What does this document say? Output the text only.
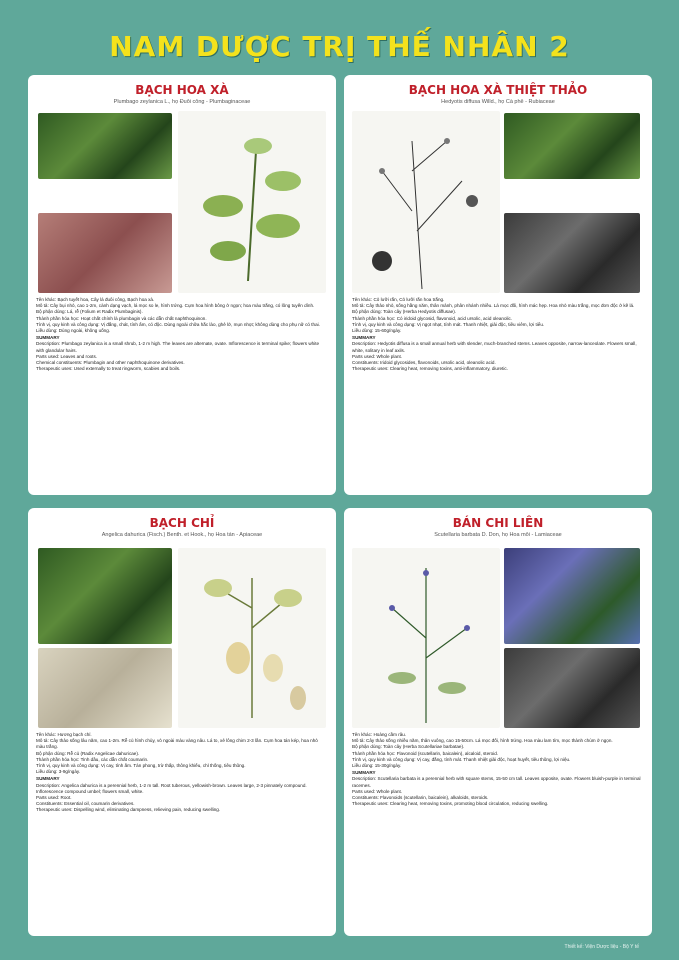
NAM DƯỢC TRỊ THẾ NHÂN 2
BẠCH HOA XÀ
Plumbago zeylanica L., họ Đuôi công - Plumbaginaceae
Tên khác: Bạch tuyết hoa, Cây lá đuôi công, Bạch hoa xà.
Mô tả: Cây bụi nhỏ, cao 1-2m, cành dạng vạch, lá mọc so le, hình trứng. Cụm hoa hình bông ở ngọn; hoa màu trắng, có lông tuyến dính.
Bộ phận dùng: Lá, rễ (Folium et Radix Plumbaginis).
Thành phần hóa học: Hoạt chất chính là plumbagin và các dẫn chất naphthoquinon.
Tính vị, quy kinh và công dụng: Vị đắng, chát, tính ấm, có độc. Dùng ngoài chữa hắc lào, ghẻ lở, mụn nhọt; không dùng cho phụ nữ có thai.
Liều dùng: Dùng ngoài, không uống.
SUMMARY
Description: Plumbago zeylanica is a small shrub, 1-2 m high. The leaves are alternate, ovate. Inflorescence is terminal spike; flowers white with glandular hairs.
Parts used: Leaves and roots.
Chemical constituents: Plumbagin and other naphthoquinone derivatives.
Therapeutic uses: Used externally to treat ringworm, scabies and boils.
BẠCH HOA XÀ THIỆT THẢO
Hedyotis diffusa Willd., họ Cà phê - Rubiaceae
Tên khác: Cỏ lưỡi rắn, Cỏ lưỡi rắn hoa trắng.
Mô tả: Cây thảo nhỏ, sống hằng năm, thân mảnh, phân nhánh nhiều. Lá mọc đối, hình mác hẹp. Hoa nhỏ màu trắng, mọc đơn độc ở kẽ lá.
Bộ phận dùng: Toàn cây (Herba Hedyotis diffusae).
Thành phần hóa học: Có iridoid glycosid, flavonoid, acid ursolic, acid oleanolic.
Tính vị, quy kinh và công dụng: Vị ngọt nhạt, tính mát. Thanh nhiệt, giải độc, tiêu viêm, lợi tiểu.
Liều dùng: 15-60g/ngày.
SUMMARY
Description: Hedyotis diffusa is a small annual herb with slender, much-branched stems. Leaves opposite, narrow-lanceolate. Flowers small, white, solitary in leaf axils.
Parts used: Whole plant.
Constituents: Iridoid glycosides, flavonoids, ursolic acid, oleanolic acid.
Therapeutic uses: Clearing heat, removing toxins, anti-inflammatory, diuretic.
BẠCH CHỈ
Angelica dahurica (Fisch.) Benth. et Hook., họ Hoa tán - Apiaceae
Tên khác: Hương bạch chỉ.
Mô tả: Cây thảo sống lâu năm, cao 1-2m. Rễ củ hình chùy, vỏ ngoài màu vàng nâu. Lá to, xẻ lông chim 2-3 lần. Cụm hoa tán kép, hoa nhỏ màu trắng.
Bộ phận dùng: Rễ củ (Radix Angelicae dahuricae).
Thành phần hóa học: Tinh dầu, các dẫn chất coumarin.
Tính vị, quy kinh và công dụng: Vị cay, tính ấm. Tán phong, trừ thấp, thông khiếu, chỉ thống, tiêu thũng.
Liều dùng: 3-9g/ngày.
SUMMARY
Description: Angelica dahurica is a perennial herb, 1-2 m tall. Root tuberous, yellowish-brown. Leaves large, 2-3 pinnately compound. Inflorescence compound umbel; flowers small, white.
Parts used: Root.
Constituents: Essential oil, coumarin derivatives.
Therapeutic uses: Dispelling wind, eliminating dampness, relieving pain, reducing swelling.
BÁN CHI LIÊN
Scutellaria barbata D. Don, họ Hoa môi - Lamiaceae
Tên khác: Hoàng cầm râu.
Mô tả: Cây thảo sống nhiều năm, thân vuông, cao 15-50cm. Lá mọc đối, hình trứng. Hoa màu lam tím, mọc thành chùm ở ngọn.
Bộ phận dùng: Toàn cây (Herba Scutellariae barbatae).
Thành phần hóa học: Flavonoid (scutellarin, baicalein), alcaloid, steroid.
Tính vị, quy kinh và công dụng: Vị cay, đắng, tính mát. Thanh nhiệt giải độc, hoạt huyết, tiêu thũng, lợi niệu.
Liều dùng: 15-30g/ngày.
SUMMARY
Description: Scutellaria barbata is a perennial herb with square stems, 15-50 cm tall. Leaves opposite, ovate. Flowers bluish-purple in terminal racemes.
Parts used: Whole plant.
Constituents: Flavonoids (scutellarin, baicalein), alkaloids, steroids.
Therapeutic uses: Clearing heat, removing toxins, promoting blood circulation, reducing swelling.
Thiết kế: Viện Dược liệu - Bộ Y tế
